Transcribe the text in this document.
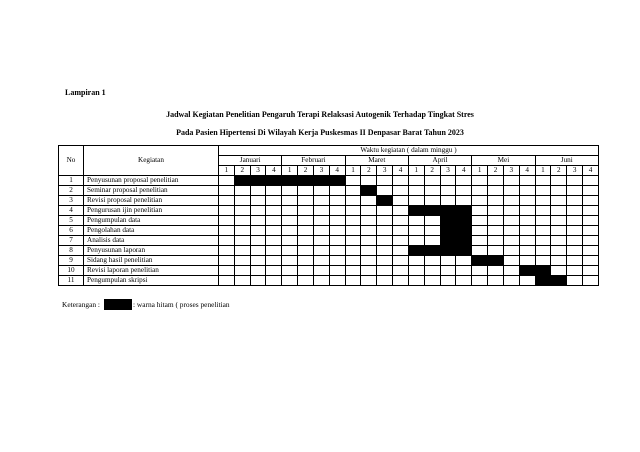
Lampiran 1
Jadwal Kegiatan Penelitian Pengaruh Terapi Relaksasi Autogenik Terhadap Tingkat Stres
Pada Pasien Hipertensi Di Wilayah Kerja Puskesmas II Denpasar Barat Tahun 2023
No	Kegiatan	Waktu kegiatan ( dalam minggu )																							
		Januari				Februari				Maret				April				Mei				Juni			
		1	2	3	4	1	2	3	4	1	2	3	4	1	2	3	4	1	2	3	4	1	2	3	4
1	Penyusunan proposal penelitian																								
2	Seminar proposal penelitian																								
3	Revisi proposal penelitian																								
4	Pengurusan ijin penelitian																								
5	Pengumpulan data																								
6	Pengolahan data																								
7	Analisis data																								
8	Penyusunan laporan																								
9	Sidang hasil penelitian																								
10	Revisi laporan penelitian																								
11	Pengumpulan skripsi																								
Keterangan :	: warna hitam ( proses penelitian
